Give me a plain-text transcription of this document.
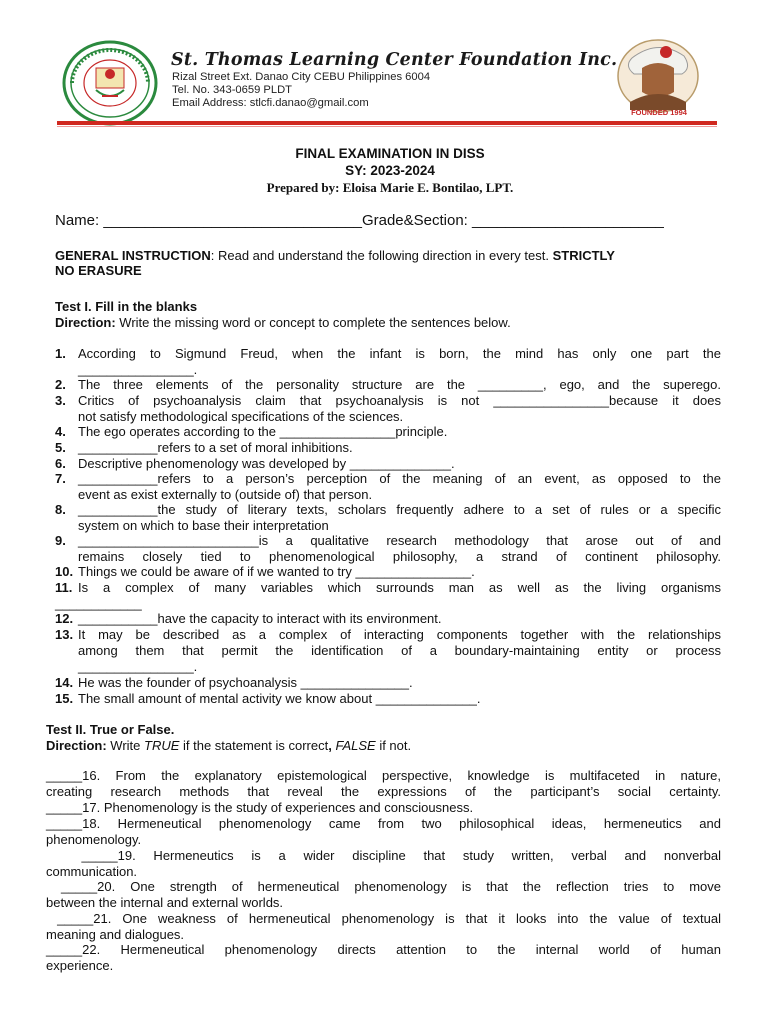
St. Thomas Learning Center Foundation Inc.
Rizal Street Ext. Danao City CEBU Philippines 6004
Tel. No. 343-0659 PLDT
Email Address: stlcfi.danao@gmail.com
FOUNDED 1994
FINAL EXAMINATION IN DISS
SY: 2023-2024
Prepared by: Eloisa Marie E. Bontilao, LPT.
Name: _______________________________Grade&Section: _______________________
GENERAL INSTRUCTION: Read and understand the following direction in every test. STRICTLY
NO ERASURE
Test I. Fill in the blanks
Direction: Write the missing word or concept to complete the sentences below.
1. According to Sigmund Freud, when the infant is born, the mind has only one part the
________________.
2. The three elements of the personality structure are the _________, ego, and the superego.
3. Critics of psychoanalysis claim that psychoanalysis is not ________________because it does
not satisfy methodological specifications of the sciences.
4. The ego operates according to the ________________principle.
5. ___________refers to a set of moral inhibitions.
6. Descriptive phenomenology was developed by ______________.
7. ___________refers to a person’s perception of the meaning of an event, as opposed to the
event as exist externally to (outside of) that person.
8. ___________the study of literary texts, scholars frequently adhere to a set of rules or a specific
system on which to base their interpretation
9. _________________________is a qualitative research methodology that arose out of and
remains closely tied to phenomenological philosophy, a strand of continent philosophy.
10. Things we could be aware of if we wanted to try ________________.
11. Is a complex of many variables which surrounds man as well as the living organisms
____________
12. ___________have the capacity to interact with its environment.
13. It may be described as a complex of interacting components together with the relationships
among them that permit the identification of a boundary-maintaining entity or process
________________.
14. He was the founder of psychoanalysis _______________.
15. The small amount of mental activity we know about ______________.
Test II. True or False.
Direction: Write TRUE if the statement is correct, FALSE if not.
_____16. From the explanatory epistemological perspective, knowledge is multifaceted in nature,
creating research methods that reveal the expressions of the participant’s social certainty.
_____17. Phenomenology is the study of experiences and consciousness.
_____18. Hermeneutical phenomenology came from two philosophical ideas, hermeneutics and
phenomenology.
_____19. Hermeneutics is a wider discipline that study written, verbal and nonverbal
communication.
_____20. One strength of hermeneutical phenomenology is that the reflection tries to move
between the internal and external worlds.
_____21. One weakness of hermeneutical phenomenology is that it looks into the value of textual
meaning and dialogues.
_____22. Hermeneutical phenomenology directs attention to the internal world of human
experience.
